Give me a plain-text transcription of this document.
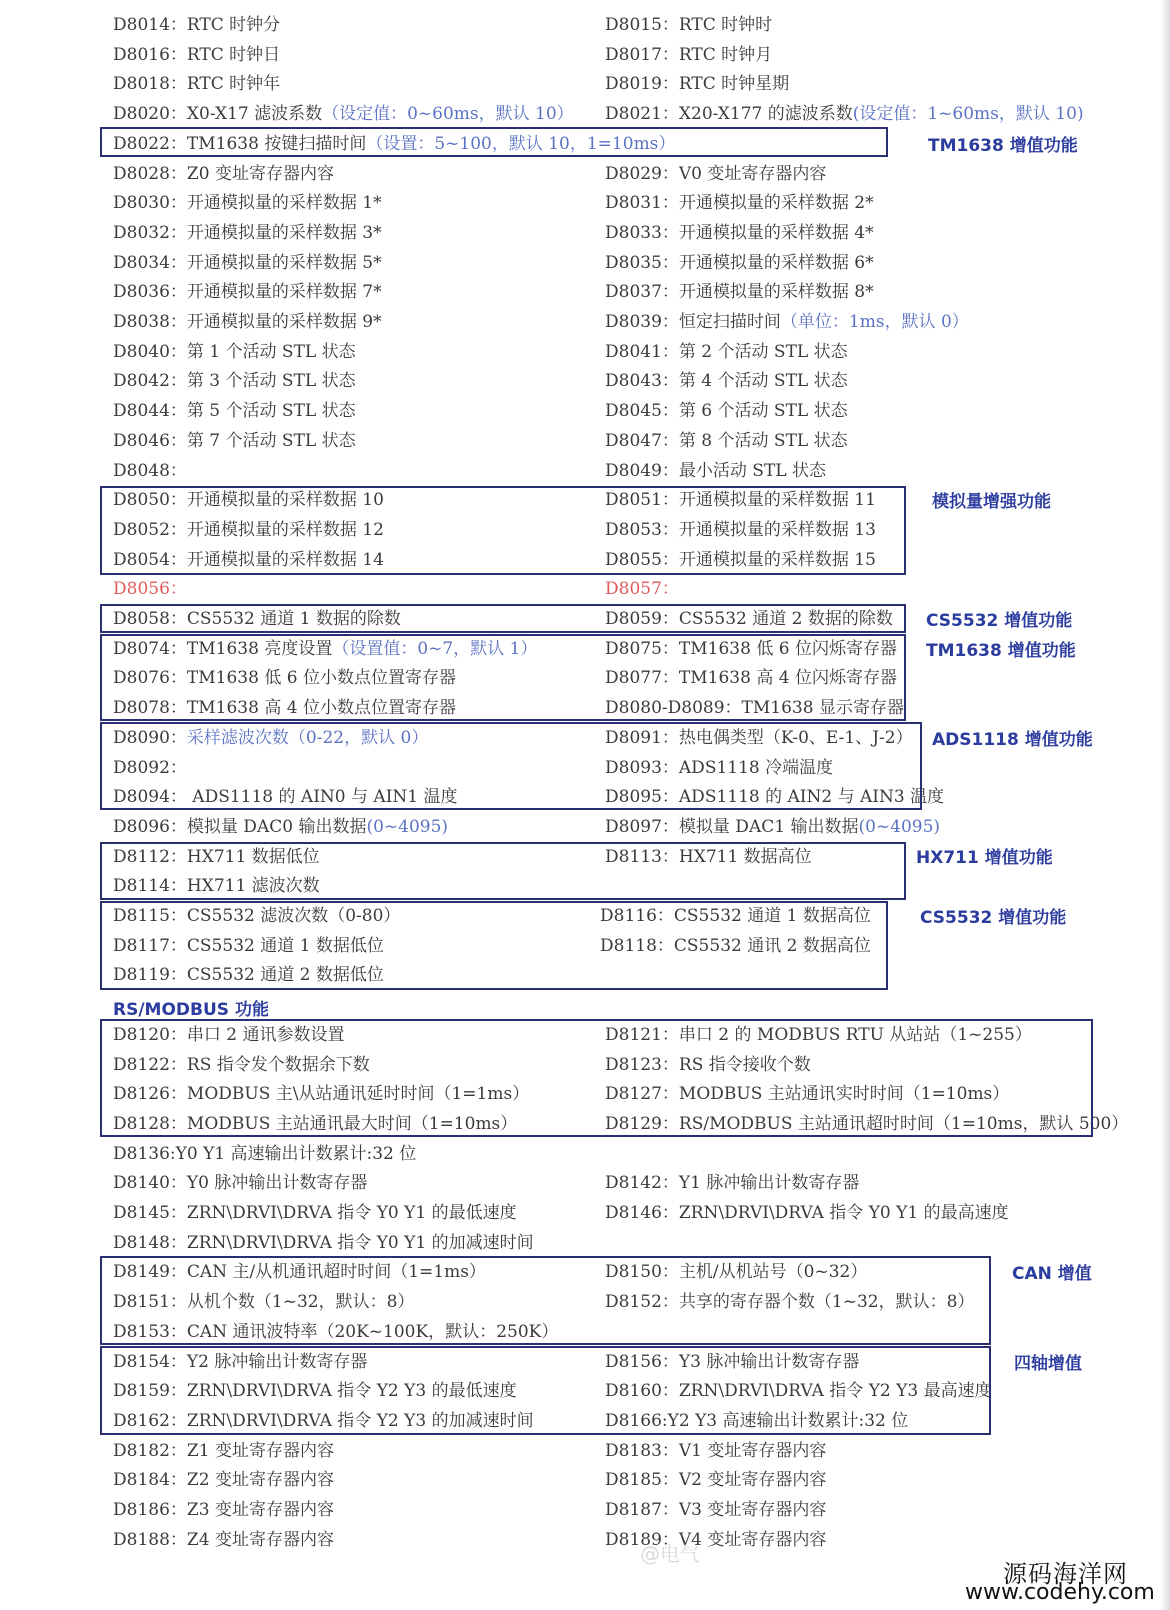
D8014：RTC 时钟分	D8015：RTC 时钟时
D8016：RTC 时钟日	D8017：RTC 时钟月
D8018：RTC 时钟年	D8019：RTC 时钟星期
D8020：X0-X17 滤波系数（设定值：0~60ms，默认 10）	D8021：X20-X177 的滤波系数(设定值：1~60ms，默认 10)
D8022：TM1638 按键扫描时间（设置：5~100，默认 10，1=10ms）
D8028：Z0 变址寄存器内容	D8029：V0 变址寄存器内容
D8030：开通模拟量的采样数据 1*	D8031：开通模拟量的采样数据 2*
D8032：开通模拟量的采样数据 3*	D8033：开通模拟量的采样数据 4*
D8034：开通模拟量的采样数据 5*	D8035：开通模拟量的采样数据 6*
D8036：开通模拟量的采样数据 7*	D8037：开通模拟量的采样数据 8*
D8038：开通模拟量的采样数据 9*	D8039：恒定扫描时间（单位：1ms，默认 0）
D8040：第 1 个活动 STL 状态	D8041：第 2 个活动 STL 状态
D8042：第 3 个活动 STL 状态	D8043：第 4 个活动 STL 状态
D8044：第 5 个活动 STL 状态	D8045：第 6 个活动 STL 状态
D8046：第 7 个活动 STL 状态	D8047：第 8 个活动 STL 状态
D8048：	D8049：最小活动 STL 状态
D8050：开通模拟量的采样数据 10	D8051：开通模拟量的采样数据 11
D8052：开通模拟量的采样数据 12	D8053：开通模拟量的采样数据 13
D8054：开通模拟量的采样数据 14	D8055：开通模拟量的采样数据 15
D8056：	D8057：
D8058：CS5532 通道 1 数据的除数	D8059：CS5532 通道 2 数据的除数
D8074：TM1638 亮度设置（设置值：0~7，默认 1）	D8075：TM1638 低 6 位闪烁寄存器
D8076：TM1638 低 6 位小数点位置寄存器	D8077：TM1638 高 4 位闪烁寄存器
D8078：TM1638 高 4 位小数点位置寄存器	D8080-D8089：TM1638 显示寄存器
D8090：采样滤波次数（0-22，默认 0）	D8091：热电偶类型（K-0、E-1、J-2）
D8092：	D8093：ADS1118 冷端温度
D8094： ADS1118 的 AIN0 与 AIN1 温度	D8095：ADS1118 的 AIN2 与 AIN3 温度
D8096：模拟量 DAC0 输出数据(0~4095)	D8097：模拟量 DAC1 输出数据(0~4095)
D8112：HX711 数据低位	D8113：HX711 数据高位
D8114：HX711 滤波次数
D8115：CS5532 滤波次数（0-80）	D8116：CS5532 通道 1 数据高位
D8117：CS5532 通道 1 数据低位	D8118：CS5532 通讯 2 数据高位
D8119：CS5532 通道 2 数据低位
RS/MODBUS 功能
D8120：串口 2 通讯参数设置	D8121：串口 2 的 MODBUS RTU 从站站（1~255）
D8122：RS 指令发个数据余下数	D8123：RS 指令接收个数
D8126：MODBUS 主\从站通讯延时时间（1=1ms）	D8127：MODBUS 主站通讯实时时间（1=10ms）
D8128：MODBUS 主站通讯最大时间（1=10ms）	D8129：RS/MODBUS 主站通讯超时时间（1=10ms，默认 500）
D8136:Y0 Y1 高速输出计数累计:32 位
D8140：Y0 脉冲输出计数寄存器	D8142：Y1 脉冲输出计数寄存器
D8145：ZRN\DRVI\DRVA 指令 Y0 Y1 的最低速度	D8146：ZRN\DRVI\DRVA 指令 Y0 Y1 的最高速度
D8148：ZRN\DRVI\DRVA 指令 Y0 Y1 的加减速时间
D8149：CAN 主/从机通讯超时时间（1=1ms）	D8150：主机/从机站号（0~32）
D8151：从机个数（1~32，默认：8）	D8152：共享的寄存器个数（1~32，默认：8）
D8153：CAN 通讯波特率（20K~100K，默认：250K）
D8154：Y2 脉冲输出计数寄存器	D8156：Y3 脉冲输出计数寄存器
D8159：ZRN\DRVI\DRVA 指令 Y2 Y3 的最低速度	D8160：ZRN\DRVI\DRVA 指令 Y2 Y3 最高速度
D8162：ZRN\DRVI\DRVA 指令 Y2 Y3 的加减速时间	D8166:Y2 Y3 高速输出计数累计:32 位
D8182：Z1 变址寄存器内容	D8183：V1 变址寄存器内容
D8184：Z2 变址寄存器内容	D8185：V2 变址寄存器内容
D8186：Z3 变址寄存器内容	D8187：V3 变址寄存器内容
D8188：Z4 变址寄存器内容	D8189：V4 变址寄存器内容
TM1638 增值功能
模拟量增强功能
CS5532 增值功能
TM1638 增值功能
ADS1118 增值功能
HX711 增值功能
CS5532 增值功能
CAN 增值
四轴增值
@电气
源码海洋网
www.codehy.com
